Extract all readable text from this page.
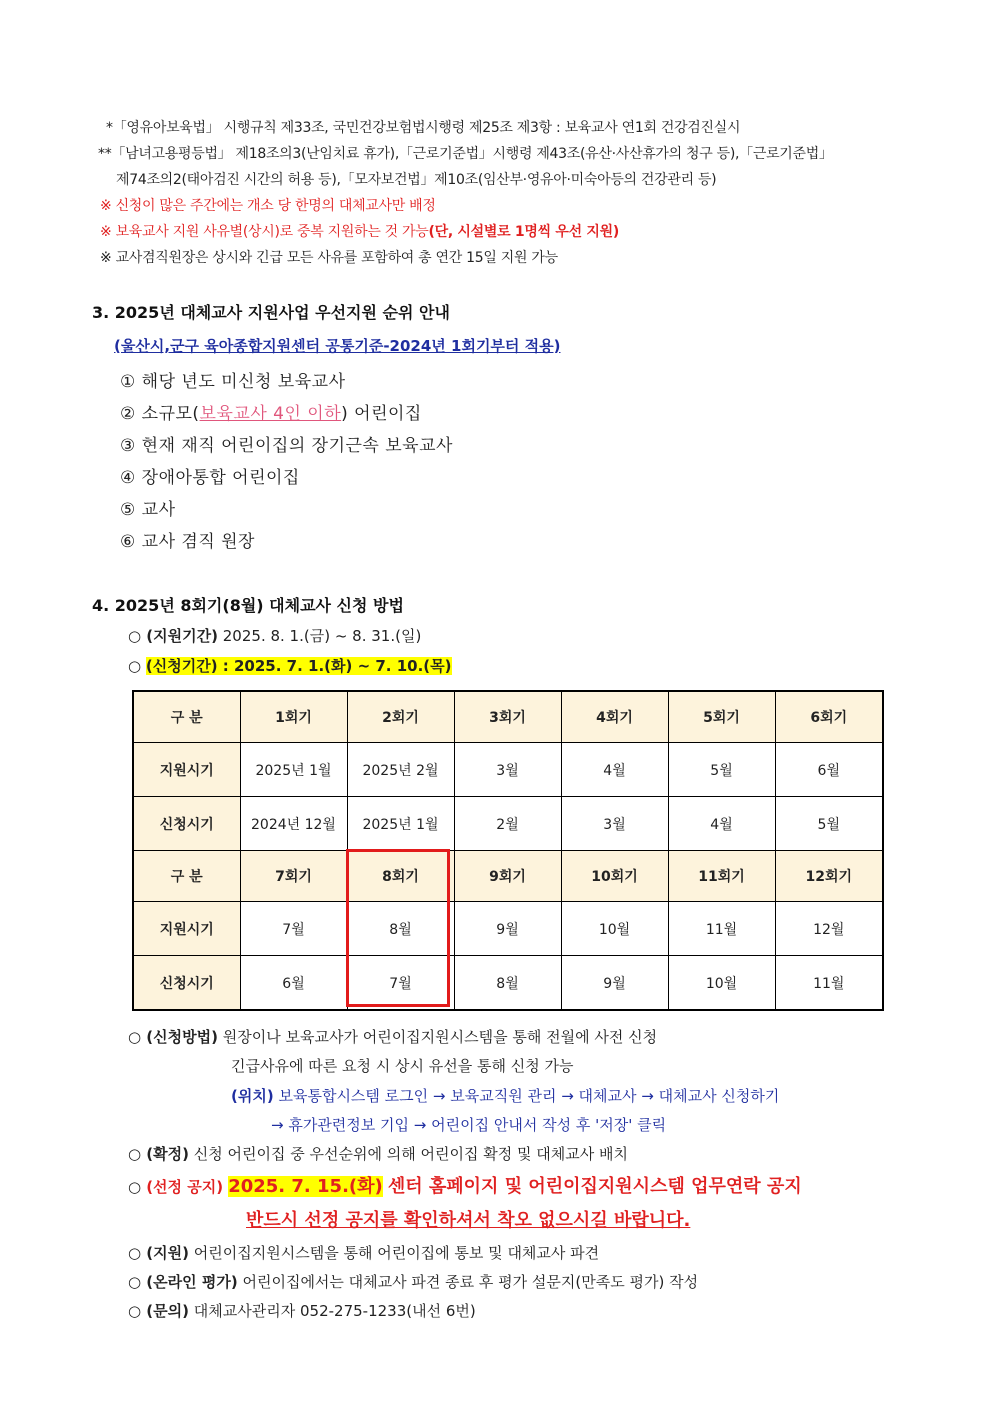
*「영유아보육법」 시행규칙 제33조, 국민건강보험법시행령 제25조 제3항 : 보육교사 연1회 건강검진실시
**「남녀고용평등법」 제18조의3(난임치료 휴가),「근로기준법」시행령 제43조(유산·사산휴가의 청구 등),「근로기준법」
제74조의2(태아검진 시간의 허용 등),「모자보건법」제10조(임산부·영유아·미숙아등의 건강관리 등)
※ 신청이 많은 주간에는 개소 당 한명의 대체교사만 배정
※ 보육교사 지원 사유별(상시)로 중복 지원하는 것 가능(단, 시설별로 1명씩 우선 지원)
※ 교사겸직원장은 상시와 긴급 모든 사유를 포함하여 총 연간 15일 지원 가능
3. 2025년 대체교사 지원사업 우선지원 순위 안내
(울산시,군구 육아종합지원센터 공통기준-2024년 1회기부터 적용)
① 해당 년도 미신청 보육교사
② 소규모(보육교사 4인 이하) 어린이집
③ 현재 재직 어린이집의 장기근속 보육교사
④ 장애아통합 어린이집
⑤ 교사
⑥ 교사 겸직 원장
4. 2025년 8회기(8월) 대체교사 신청 방법
○ (지원기간) 2025. 8. 1.(금) ~ 8. 31.(일)
○ (신청기간) : 2025. 7. 1.(화) ~ 7. 10.(목)
구 분	1회기	2회기	3회기	4회기	5회기	6회기
지원시기	2025년 1월	2025년 2월	3월	4월	5월	6월
신청시기	2024년 12월	2025년 1월	2월	3월	4월	5월
구 분	7회기	8회기	9회기	10회기	11회기	12회기
지원시기	7월	8월	9월	10월	11월	12월
신청시기	6월	7월	8월	9월	10월	11월
○ (신청방법) 원장이나 보육교사가 어린이집지원시스템을 통해 전월에 사전 신청
긴급사유에 따른 요청 시 상시 유선을 통해 신청 가능
(위치) 보육통합시스템 로그인 → 보육교직원 관리 → 대체교사 → 대체교사 신청하기
→ 휴가관련정보 기입 → 어린이집 안내서 작성 후 '저장' 클릭
○ (확정) 신청 어린이집 중 우선순위에 의해 어린이집 확정 및 대체교사 배치
○ (선정 공지) 2025. 7. 15.(화) 센터 홈페이지 및 어린이집지원시스템 업무연락 공지
반드시 선정 공지를 확인하셔서 착오 없으시길 바랍니다.
○ (지원) 어린이집지원시스템을 통해 어린이집에 통보 및 대체교사 파견
○ (온라인 평가) 어린이집에서는 대체교사 파견 종료 후 평가 설문지(만족도 평가) 작성
○ (문의) 대체교사관리자 052-275-1233(내선 6번)
